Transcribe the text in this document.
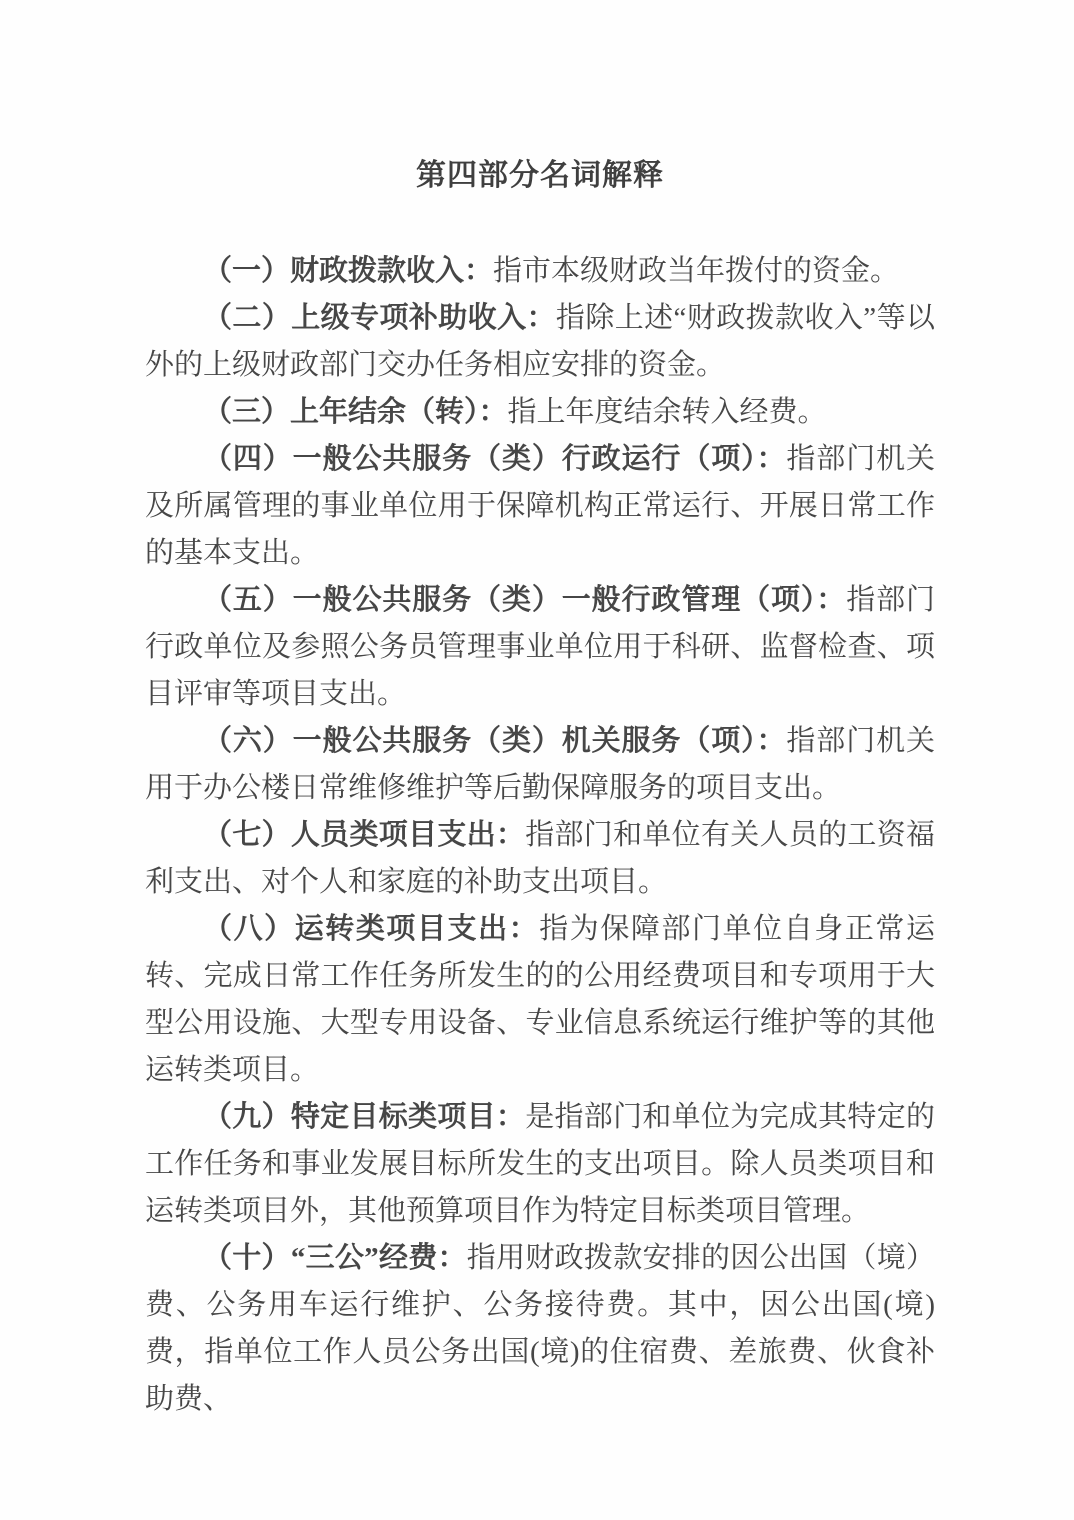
第四部分名词解释

（一）财政拨款收入：指市本级财政当年拨付的资金。

（二）上级专项补助收入：指除上述“财政拨款收入”等以外的上级财政部门交办任务相应安排的资金。

（三）上年结余（转）：指上年度结余转入经费。

（四）一般公共服务（类）行政运行（项）：指部门机关及所属管理的事业单位用于保障机构正常运行、开展日常工作的基本支出。

（五）一般公共服务（类）一般行政管理（项）：指部门行政单位及参照公务员管理事业单位用于科研、监督检查、项目评审等项目支出。

（六）一般公共服务（类）机关服务（项）：指部门机关用于办公楼日常维修维护等后勤保障服务的项目支出。

（七）人员类项目支出：指部门和单位有关人员的工资福利支出、对个人和家庭的补助支出项目。

（八）运转类项目支出：指为保障部门单位自身正常运转、完成日常工作任务所发生的的公用经费项目和专项用于大型公用设施、大型专用设备、专业信息系统运行维护等的其他运转类项目。

（九）特定目标类项目：是指部门和单位为完成其特定的工作任务和事业发展目标所发生的支出项目。除人员类项目和运转类项目外，其他预算项目作为特定目标类项目管理。

（十）“三公”经费：指用财政拨款安排的因公出国（境）费、公务用车运行维护、公务接待费。其中，因公出国(境)费，指单位工作人员公务出国(境)的住宿费、差旅费、伙食补助费、
